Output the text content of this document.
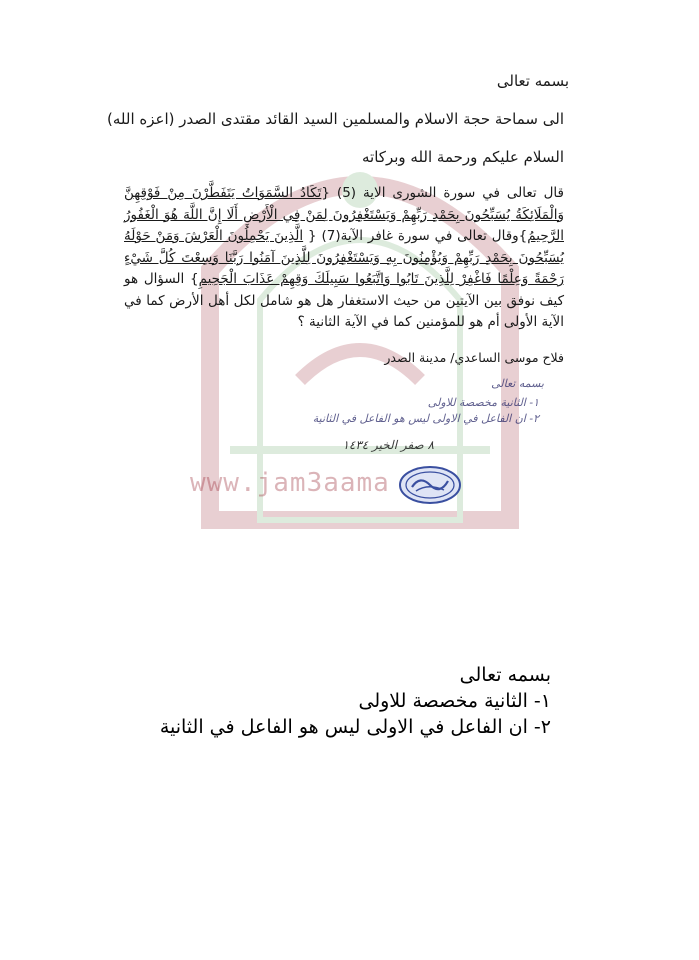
www.jam3aama
بسمه تعالى
الى سماحة حجة الاسلام والمسلمين السيد القائد مقتدى الصدر (اعزه الله)
السلام عليكم ورحمة الله وبركاته
قال تعالى في سورة الشورى الاية (5) {تَكَادُ السَّمَوَاتُ يَتَفَطَّرْنَ مِنْ فَوْقِهِنَّ وَالْمَلَائِكَةُ يُسَبِّحُونَ بِحَمْدِ رَبِّهِمْ وَيَسْتَغْفِرُونَ لِمَنْ فِي الْأَرْضِ أَلَا إِنَّ اللَّهَ هُوَ الْغَفُورُ الرَّحِيمُ}وقال تعالى في سورة غافر الآية(7) { الَّذِينَ يَحْمِلُونَ الْعَرْشَ وَمَنْ حَوْلَهُ يُسَبِّحُونَ بِحَمْدِ رَبِّهِمْ وَيُؤْمِنُونَ بِهِ وَيَسْتَغْفِرُونَ لِلَّذِينَ آمَنُوا رَبَّنَا وَسِعْتَ كُلَّ شَيْءٍ رَحْمَةً وَعِلْمًا فَاغْفِرْ لِلَّذِينَ تَابُوا وَاتَّبَعُوا سَبِيلَكَ وَقِهِمْ عَذَابَ الْجَحِيمِ} السؤال هو كيف نوفق بين الآيتين من حيث الاستغفار هل هو شامل لكل أهل الأرض كما في الآية الأولى أم هو للمؤمنين كما في الآية الثانية ؟
فلاح موسى الساعدي/ مدينة الصدر
بسمه تعالى
١- الثانية مخصصة للاولى
٢- ان الفاعل في الاولى ليس هو الفاعل في الثانية
٨ صفر الخير ١٤٣٤
بسمه تعالى
١- الثانية مخصصة للاولى
٢- ان الفاعل في الاولى ليس هو الفاعل في الثانية
